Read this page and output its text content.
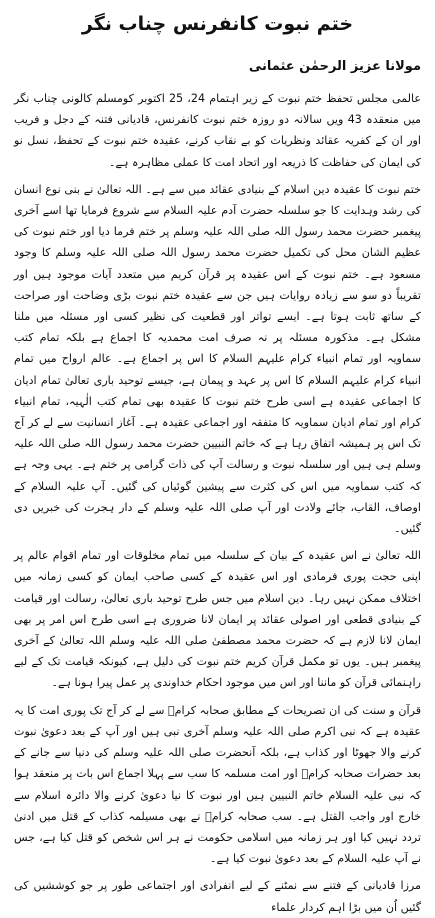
ختم نبوت کانفرنس چناب نگر
مولانا عزیز الرحمٰن عثمانی

عالمی مجلس تحفظ ختم نبوت کے زیر اہتمام 24، 25 اکتوبر کومسلم کالونی چناب نگر میں منعقدہ 43 ویں سالانہ دو روزہ ختم نبوت کانفرنس، قادیانی فتنہ کے دجل و فریب اور ان کے کفریہ عقائد ونظریات کو بے نقاب کرنے، عقیدہ ختم نبوت کے تحفظ، نسل نو کی ایمان کی حفاظت کا ذریعہ اور اتحاد امت کا عملی مظاہرہ ہے۔

ختم نبوت کا عقیدہ دین اسلام کے بنیادی عقائد میں سے ہے۔ اللہ تعالیٰ نے بنی نوع انسان کی رشد وہدایت کا جو سلسلہ حضرت آدم علیہ السلام سے شروع فرمایا تھا اسے آخری پیغمبر حضرت محمد رسول اللہ صلی اللہ علیہ وسلم پر ختم فرما دیا اور ختم نبوت کی عظیم الشان محل کی تکمیل حضرت محمد رسول اللہ صلی اللہ علیہ وسلم کا وجود مسعود ہے۔ ختم نبوت کے اس عقیدہ پر قرآن کریم میں متعدد آیات موجود ہیں اور تقریباً دو سو سے زیادہ روایات ہیں جن سے عقیدہ ختم نبوت بڑی وضاحت اور صراحت کے ساتھ ثابت ہوتا ہے۔ ایسے تواتر اور قطعیت کی نظیر کسی اور مسئلہ میں ملنا مشکل ہے۔ مذکورہ مسئلہ پر نہ صرف امت محمدیہ کا اجماع ہے بلکہ تمام کتب سماویہ اور تمام انبیاء کرام علیہم السلام کا اس پر اجماع ہے۔ عالم ارواح میں تمام انبیاء کرام علیہم السلام کا اس پر عہد و پیمان ہے، جیسے توحید باری تعالیٰ تمام ادیان کا اجماعی عقیدہ ہے اسی طرح ختم نبوت کا عقیدہ بھی تمام کتب الٰہیہ، تمام انبیاء کرام اور تمام ادیان سماویہ کا متفقہ اور اجماعی عقیدہ ہے۔ آغاز انسانیت سے لے کر آج تک اس پر ہمیشہ اتفاق رہا ہے کہ خاتم النبیین حضرت محمد رسول اللہ صلی اللہ علیہ وسلم ہی ہیں اور سلسلہ نبوت و رسالت آپ کی ذات گرامی پر ختم ہے۔ یہی وجہ ہے کہ کتب سماویہ میں اس کی کثرت سے پیشین گوئیاں کی گئیں۔ آپ علیہ السلام کے اوصاف، القاب، جائے ولادت اور آپ صلی اللہ علیہ وسلم کے دار ہجرت کی خبریں دی گئیں۔

اللہ تعالیٰ نے اس عقیدہ کے بیان کے سلسلہ میں تمام مخلوقات اور تمام اقوام عالم پر اپنی حجت پوری فرمادی اور اس عقیدہ کے کسی صاحب ایمان کو کسی زمانہ میں اختلاف ممکن نہیں رہا۔ دین اسلام میں جس طرح توحید باری تعالیٰ، رسالت اور قیامت کے بنیادی قطعی اور اصولی عقائد پر ایمان لانا ضروری ہے اسی طرح اس امر پر بھی ایمان لانا لازم ہے کہ حضرت محمد مصطفیٰ صلی اللہ علیہ وسلم اللہ تعالیٰ کے آخری پیغمبر ہیں۔ یوں تو مکمل قرآن کریم ختم نبوت کی دلیل ہے، کیونکہ قیامت تک کے لیے راہنمائی قرآن کو ماننا اور اس میں موجود احکام خداوندی پر عمل پیرا ہونا ہے۔

قرآن و سنت کی ان تصریحات کے مطابق صحابہ کرامؓ سے لے کر آج تک پوری امت کا یہ عقیدہ ہے کہ نبی اکرم صلی اللہ علیہ وسلم آخری نبی ہیں اور آپ کے بعد دعویٰ نبوت کرنے والا جھوٹا اور کذاب ہے، بلکہ آنحضرت صلی اللہ علیہ وسلم کی دنیا سے جانے کے بعد حضرات صحابہ کرامؓ اور امت مسلمہ کا سب سے پہلا اجماع اس بات پر منعقد ہوا کہ نبی علیہ السلام خاتم النبیین ہیں اور نبوت کا نیا دعویٰ کرنے والا دائرہ اسلام سے خارج اور واجب القتل ہے۔ سب صحابہ کرامؓ نے بھی مسیلمہ کذاب کے قتل میں ادنیٰ تردد نہیں کیا اور ہر زمانہ میں اسلامی حکومت نے ہر اس شخص کو قتل کیا ہے، جس نے آپ علیہ السلام کے بعد دعویٰ نبوت کیا ہے۔

مرزا قادیانی کے فتنے سے نمٹنے کے لیے انفرادی اور اجتماعی طور پر جو کوششیں کی گئیں اُن میں بڑا اہم کردار علماء
